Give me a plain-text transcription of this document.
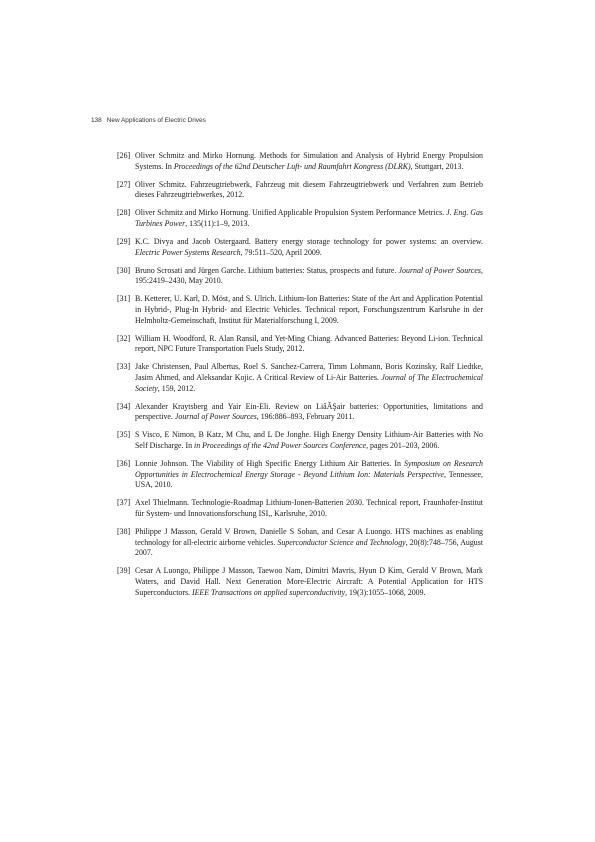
138 New Applications of Electric Drives
[26] Oliver Schmitz and Mirko Hornung. Methods for Simulation and Analysis of Hybrid Energy Propulsion Systems. In Proceedings of the 62nd Deutscher Luft- und Raumfahrt Kongress (DLRK), Stuttgart, 2013.
[27] Oliver Schmitz. Fahrzeugtriebwerk, Fahrzeug mit diesem Fahrzeugtriebwerk und Verfahren zum Betrieb dieses Fahrzeugtriebwerkes, 2012.
[28] Oliver Schmitz and Mirko Hornung. Unified Applicable Propulsion System Performance Metrics. J. Eng. Gas Turbines Power, 135(11):1–9, 2013.
[29] K.C. Divya and Jacob Ostergaard. Battery energy storage technology for power systems: an overview. Electric Power Systems Research, 79:511–520, April 2009.
[30] Bruno Scrosati and Jürgen Garche. Lithium batteries: Status, prospects and future. Journal of Power Sources, 195:2419–2430, May 2010.
[31] B. Ketterer, U. Karl, D. Möst, and S. Ulrich. Lithium-Ion Batteries: State of the Art and Application Potential in Hybrid-, Plug-In Hybrid- and Electric Vehicles. Technical report, Forschungszentrum Karlsruhe in der Helmholtz-Gemeinschaft, Institut für Materialforschung I, 2009.
[32] William H. Woodford, R. Alan Ransil, and Yet-Ming Chiang. Advanced Batteries: Beyond Li-ion. Technical report, NPC Future Transportation Fuels Study, 2012.
[33] Jake Christensen, Paul Albertus, Roel S. Sanchez-Carrera, Timm Lohmann, Boris Kozinsky, Ralf Liedtke, Jasim Ahmed, and Aleksandar Kojic. A Critical Review of Li-Air Batteries. Journal of The Electrochemical Society, 159, 2012.
[34] Alexander Kraytsberg and Yair Ein-Eli. Review on LiâĂŞair batteries: Opportunities, limitations and perspective. Journal of Power Sources, 196:886–893, February 2011.
[35] S Visco, E Nimon, B Katz, M Chu, and L De Jonghe. High Energy Density Lithium-Air Batteries with No Self Discharge. In in Proceedings of the 42nd Power Sources Conference, pages 201–203, 2006.
[36] Lonnie Johnson. The Viability of High Specific Energy Lithium Air Batteries. In Symposium on Research Opportunities in Electrochemical Energy Storage - Beyond Lithium Ion: Materials Perspective, Tennessee, USA, 2010.
[37] Axel Thielmann. Technologie-Roadmap Lithium-Ionen-Batterien 2030. Technical report, Fraunhofer-Institut für System- und Innovationsforschung ISI,, Karlsruhe, 2010.
[38] Philippe J Masson, Gerald V Brown, Danielle S Soban, and Cesar A Luongo. HTS machines as enabling technology for all-electric airborne vehicles. Superconductor Science and Technology, 20(8):748–756, August 2007.
[39] Cesar A Luongo, Philippe J Masson, Taewoo Nam, Dimitri Mavris, Hyun D Kim, Gerald V Brown, Mark Waters, and David Hall. Next Generation More-Electric Aircraft: A Potential Application for HTS Superconductors. IEEE Transactions on applied superconductivity, 19(3):1055–1068, 2009.
